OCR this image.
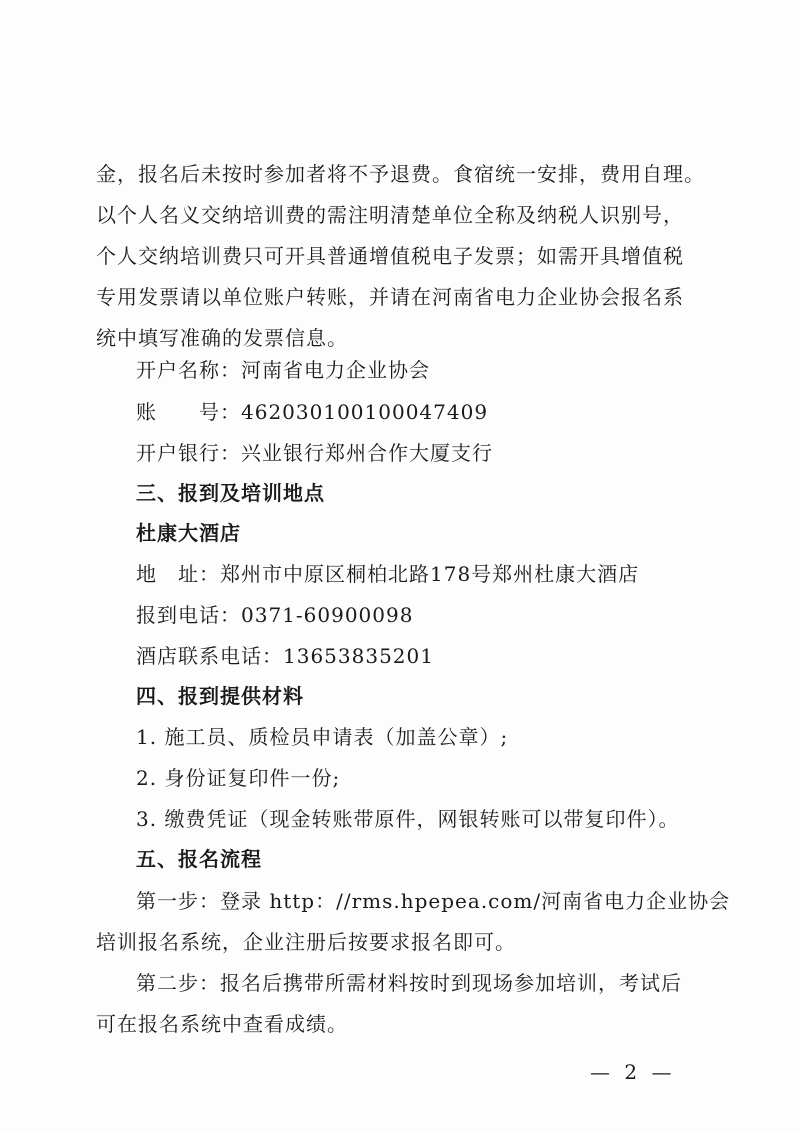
金，报名后未按时参加者将不予退费。食宿统一安排，费用自理。
以个人名义交纳培训费的需注明清楚单位全称及纳税人识别号，
个人交纳培训费只可开具普通增值税电子发票；如需开具增值税
专用发票请以单位账户转账，并请在河南省电力企业协会报名系
统中填写准确的发票信息。
开户名称：河南省电力企业协会
账　　号：462030100100047409
开户银行：兴业银行郑州合作大厦支行
三、报到及培训地点
杜康大酒店
地　址：郑州市中原区桐柏北路178号郑州杜康大酒店
报到电话：0371-60900098
酒店联系电话：13653835201
四、报到提供材料
1. 施工员、质检员申请表（加盖公章）;
2. 身份证复印件一份;
3. 缴费凭证（现金转账带原件，网银转账可以带复印件）。
五、报名流程
第一步：登录 http：//rms.hpepea.com/河南省电力企业协会
培训报名系统，企业注册后按要求报名即可。
第二步：报名后携带所需材料按时到现场参加培训，考试后
可在报名系统中查看成绩。
— 2 —
